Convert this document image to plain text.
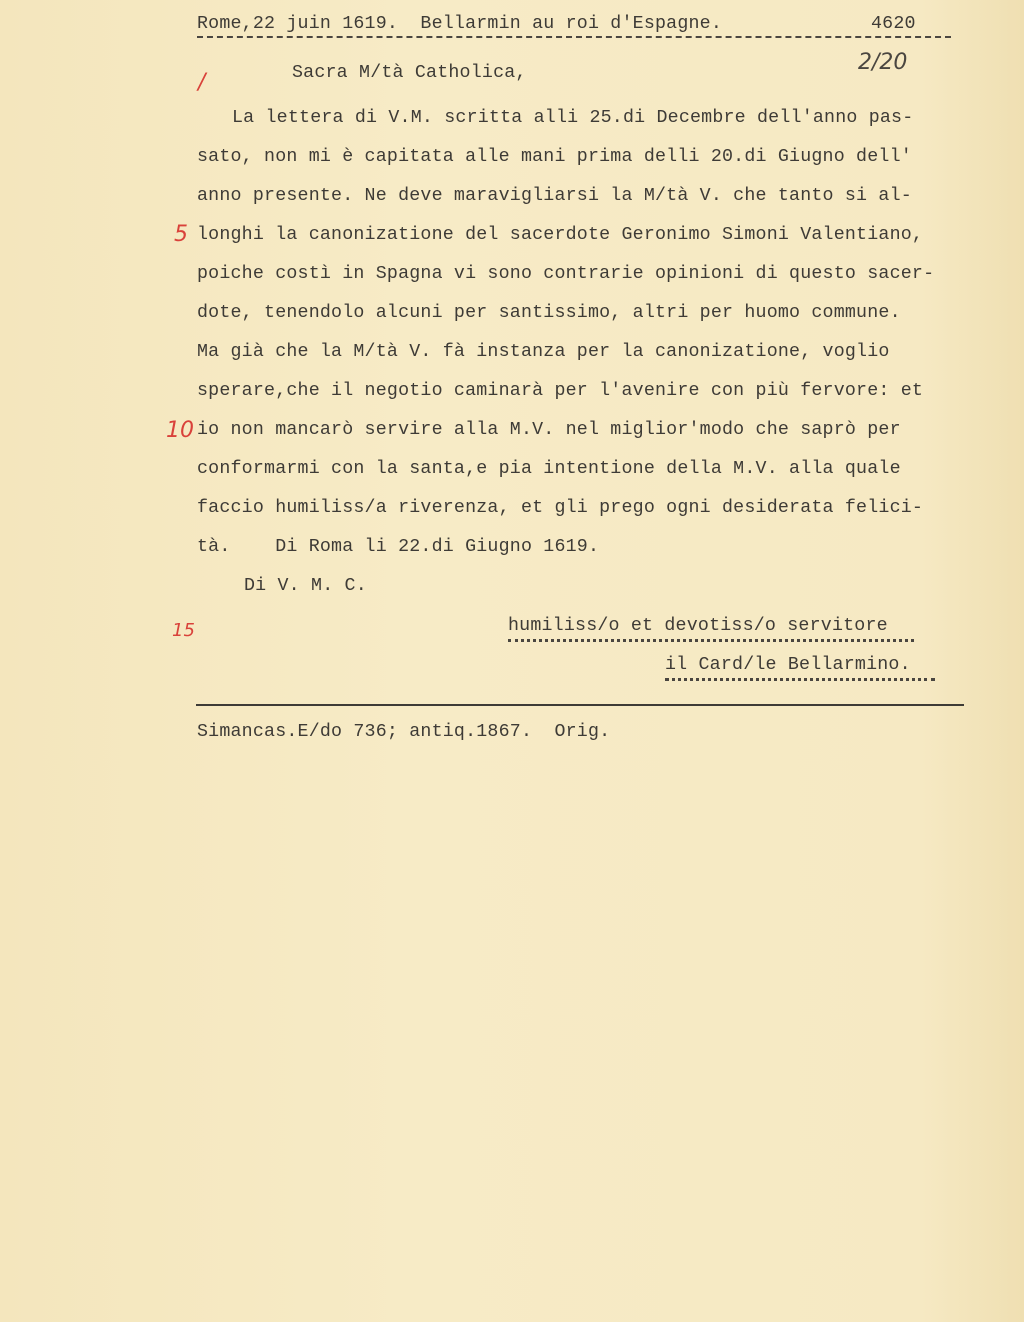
Rome,22 juin 1619.  Bellarmin au roi d'Espagne.	4620
2/20
/	Sacra M/tà Catholica,
La lettera di V.M. scritta alli 25.di Decembre dell'anno pas-
sato, non mi è capitata alle mani prima delli 20.di Giugno dell'
anno presente. Ne deve maravigliarsi la M/tà V. che tanto si al-
5 longhi la canonizatione del sacerdote Geronimo Simoni Valentiano,
poiche costì in Spagna vi sono contrarie opinioni di questo sacer-
dote, tenendolo alcuni per santissimo, altri per huomo commune.
Ma già che la M/tà V. fà instanza per la canonizatione, voglio
sperare,che il negotio caminarà per l'avenire con più fervore: et
10 io non mancarò servire alla M.V. nel miglior'modo che saprò per
conformarmi con la santa,e pia intentione della M.V. alla quale
faccio humiliss/a riverenza, et gli prego ogni desiderata felici-
tà.    Di Roma li 22.di Giugno 1619.
Di V. M. C.
15	humiliss/o et devotiss/o servitore
il Card/le Bellarmino.
Simancas.E/do 736; antiq.1867.  Orig.
